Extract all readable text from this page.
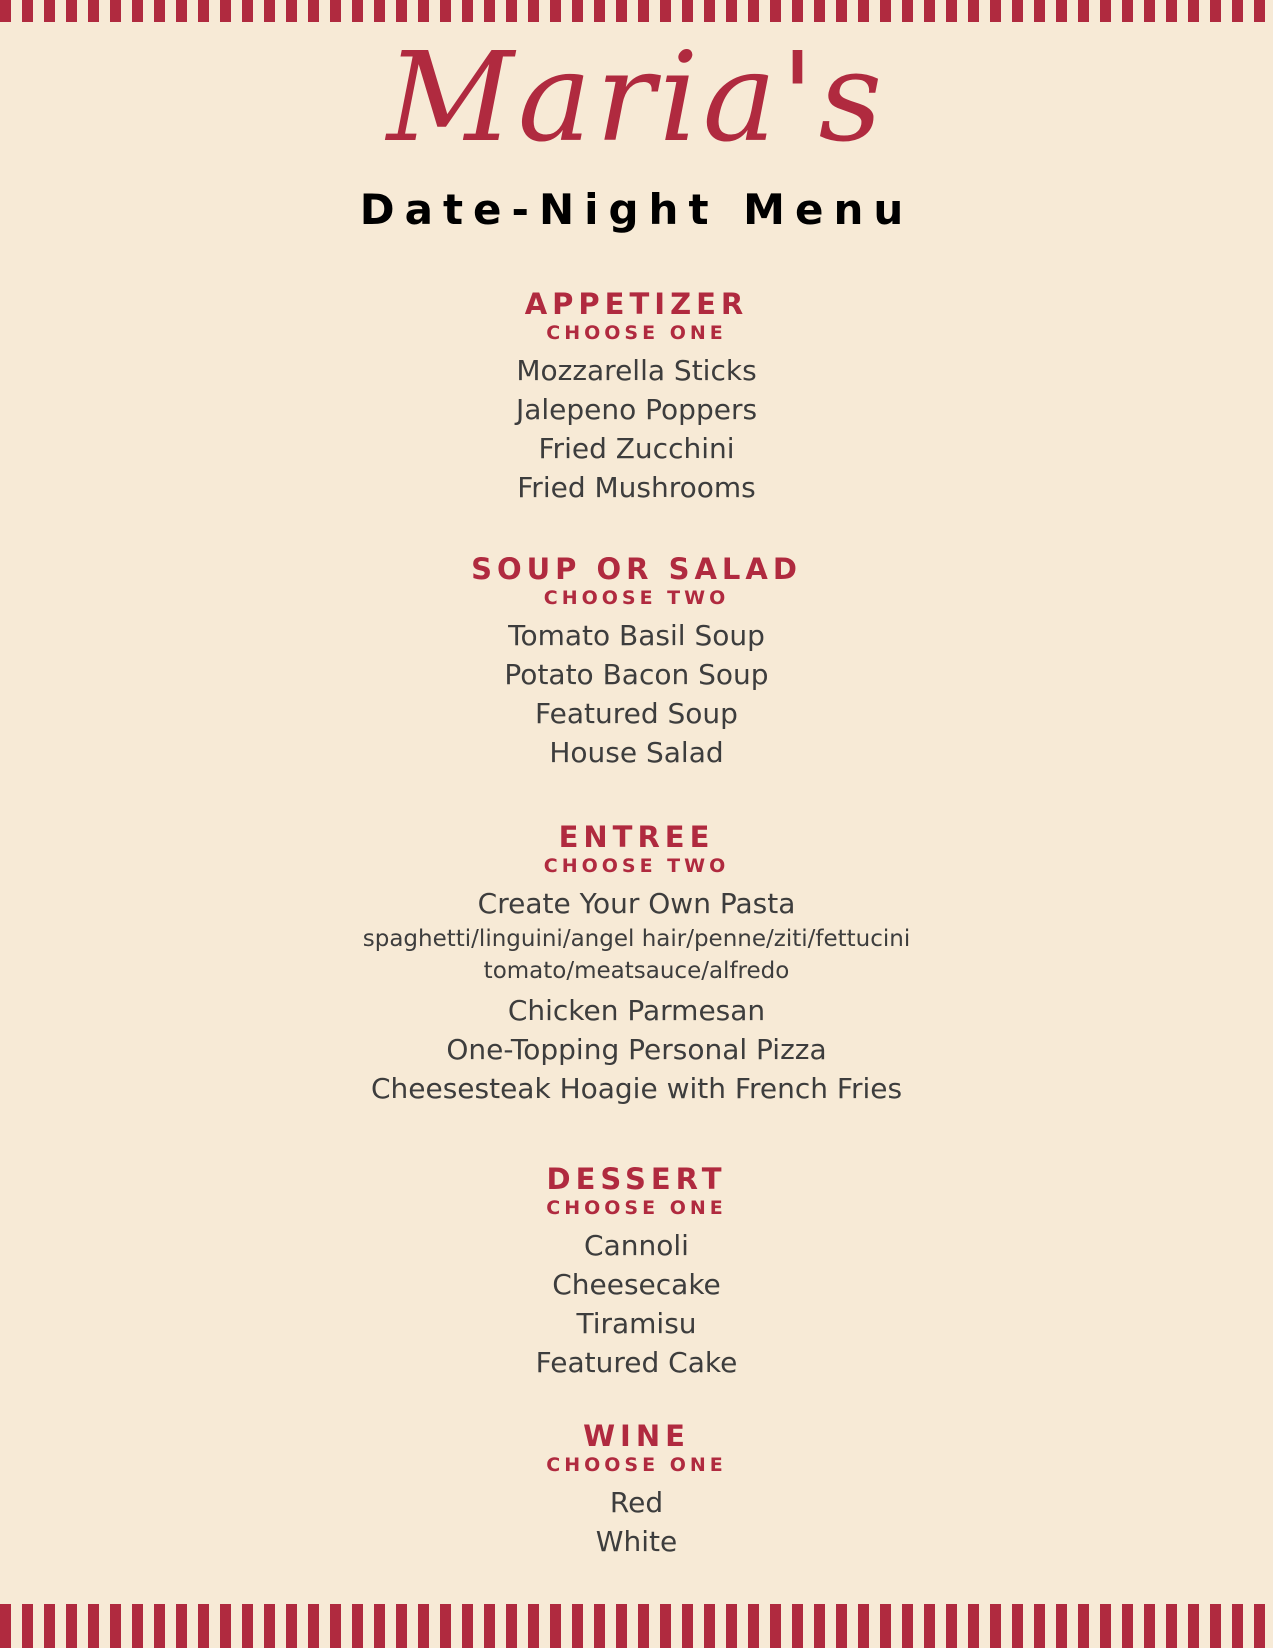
Maria's
Date-Night Menu
APPETIZER
CHOOSE ONE
Mozzarella Sticks
Jalepeno Poppers
Fried Zucchini
Fried Mushrooms
SOUP OR SALAD
CHOOSE TWO
Tomato Basil Soup
Potato Bacon Soup
Featured Soup
House Salad
ENTREE
CHOOSE TWO
Create Your Own Pasta
spaghetti/linguini/angel hair/penne/ziti/fettucini
tomato/meatsauce/alfredo
Chicken Parmesan
One-Topping Personal Pizza
Cheesesteak Hoagie with French Fries
DESSERT
CHOOSE ONE
Cannoli
Cheesecake
Tiramisu
Featured Cake
WINE
CHOOSE ONE
Red
White
